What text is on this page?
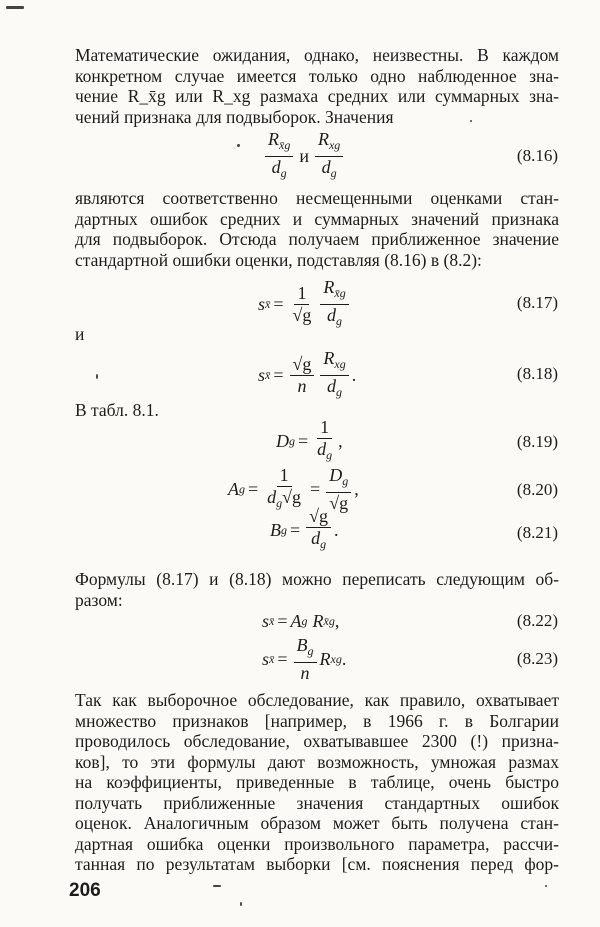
Математические ожидания, однако, неизвестны. В каждом
конкретном случае имеется только одно наблюденное зна-
чение R_x̄g или R_xg размаха средних или суммарных зна-
чений признака для подвыборок. Значения
$\frac{R_{x̄g}}{d_g}$ и $\frac{R_{xg}}{d_g}$	(8.16)
являются соответственно несмещенными оценками стан-
дартных ошибок средних и суммарных значений признака
для подвыборок. Отсюда получаем приближенное значение
стандартной ошибки оценки, подставляя (8.16) в (8.2):
s x̄ = $\frac{1}{√g} \frac{R_{x̄g}}{d_g}$	(8.17)
и
s x̄ = $\frac{√g}{n} \frac{R_{xg}}{d_g}$ .	(8.18)
В табл. 8.1.
D $g = \frac{1}{d_g}$ ,	(8.19)
A $g = \frac{1}{d_g√g} = \frac{D_g}{√g}$ ,	(8.20)
B $g = \frac{√g}{d_g}$ .	(8.21)
Формулы (8.17) и (8.18) можно переписать следующим об-
разом:
s x̄ = A g R x̄g ,	(8.22)
s x̄ = $\frac{B_g}{n}$ R xg .	(8.23)
Так как выборочное обследование, как правило, охватывает
множество признаков [например, в 1966 г. в Болгарии
проводилось обследование, охватывавшее 2300 (!) призна-
ков], то эти формулы дают возможность, умножая размах
на коэффициенты, приведенные в таблице, очень быстро
получать приближенные значения стандартных ошибок
оценок. Аналогичным образом может быть получена стан-
дартная ошибка оценки произвольного параметра, рассчи-
танная по результатам выборки [см. пояснения перед фор-
206
